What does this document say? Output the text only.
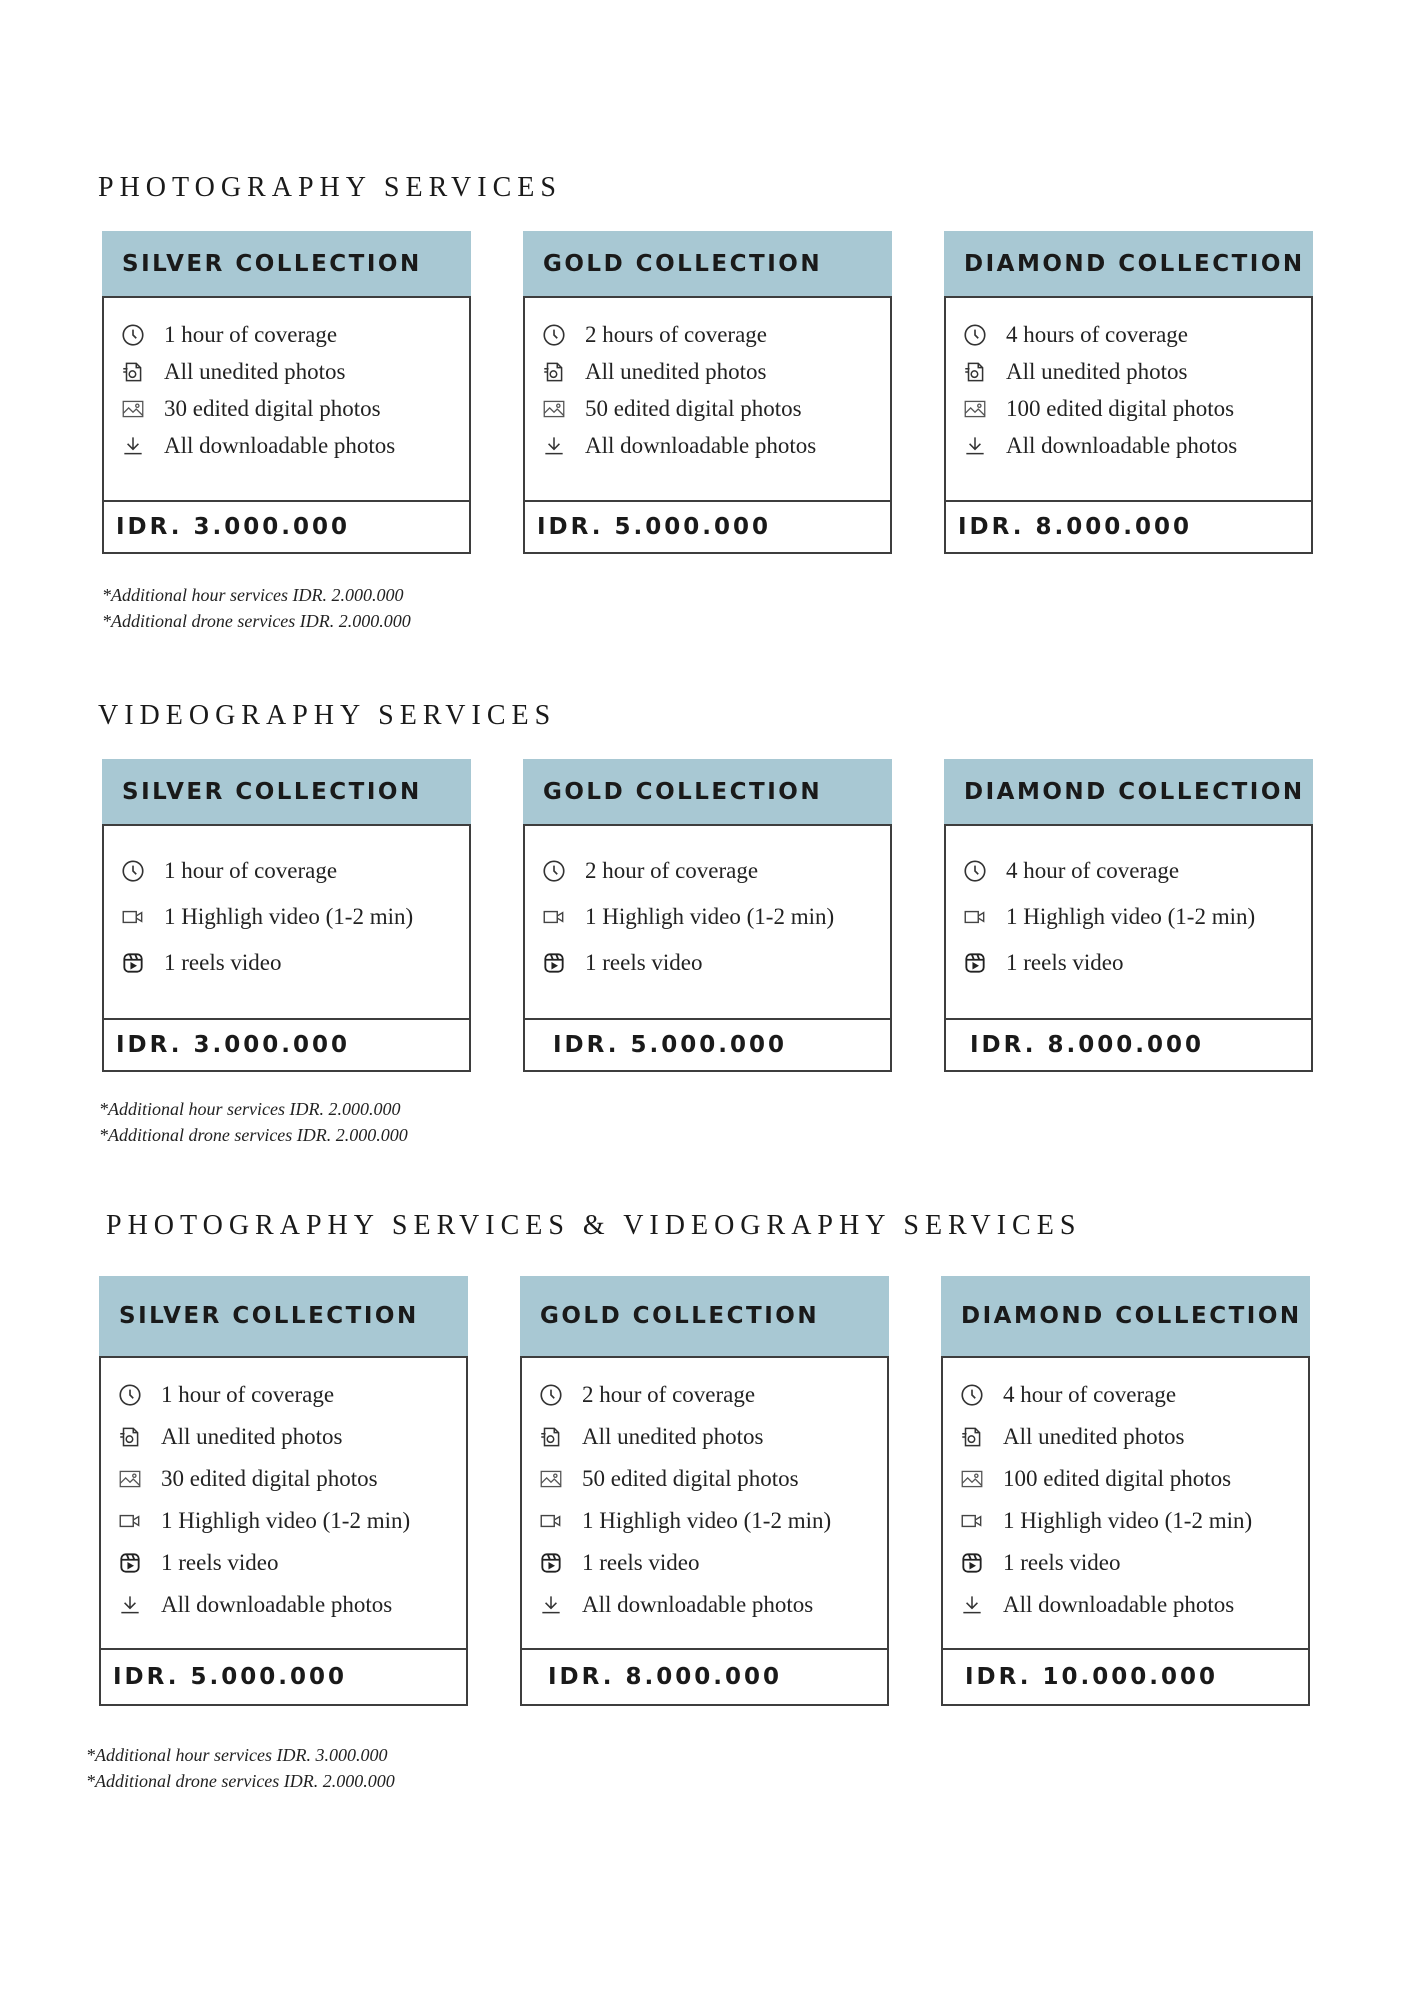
PHOTOGRAPHY SERVICES
SILVER COLLECTION
1 hour of coverage
All unedited photos
30 edited digital photos
All downloadable photos
IDR. 3.000.000
GOLD COLLECTION
2 hours of coverage
All unedited photos
50 edited digital photos
All downloadable photos
IDR. 5.000.000
DIAMOND COLLECTION
4 hours of coverage
All unedited photos
100 edited digital photos
All downloadable photos
IDR. 8.000.000
*Additional hour services IDR. 2.000.000
*Additional drone services IDR. 2.000.000
VIDEOGRAPHY SERVICES
SILVER COLLECTION
1 hour of coverage
1 Highligh video (1-2 min)
1 reels video
IDR. 3.000.000
GOLD COLLECTION
2 hour of coverage
1 Highligh video (1-2 min)
1 reels video
IDR. 5.000.000
DIAMOND COLLECTION
4 hour of coverage
1 Highligh video (1-2 min)
1 reels video
IDR. 8.000.000
*Additional hour services IDR. 2.000.000
*Additional drone services IDR. 2.000.000
PHOTOGRAPHY SERVICES & VIDEOGRAPHY SERVICES
SILVER COLLECTION
1 hour of coverage
All unedited photos
30 edited digital photos
1 Highligh video (1-2 min)
1 reels video
All downloadable photos
IDR. 5.000.000
GOLD COLLECTION
2 hour of coverage
All unedited photos
50 edited digital photos
1 Highligh video (1-2 min)
1 reels video
All downloadable photos
IDR. 8.000.000
DIAMOND COLLECTION
4 hour of coverage
All unedited photos
100 edited digital photos
1 Highligh video (1-2 min)
1 reels video
All downloadable photos
IDR. 10.000.000
*Additional hour services IDR. 3.000.000
*Additional drone services IDR. 2.000.000
